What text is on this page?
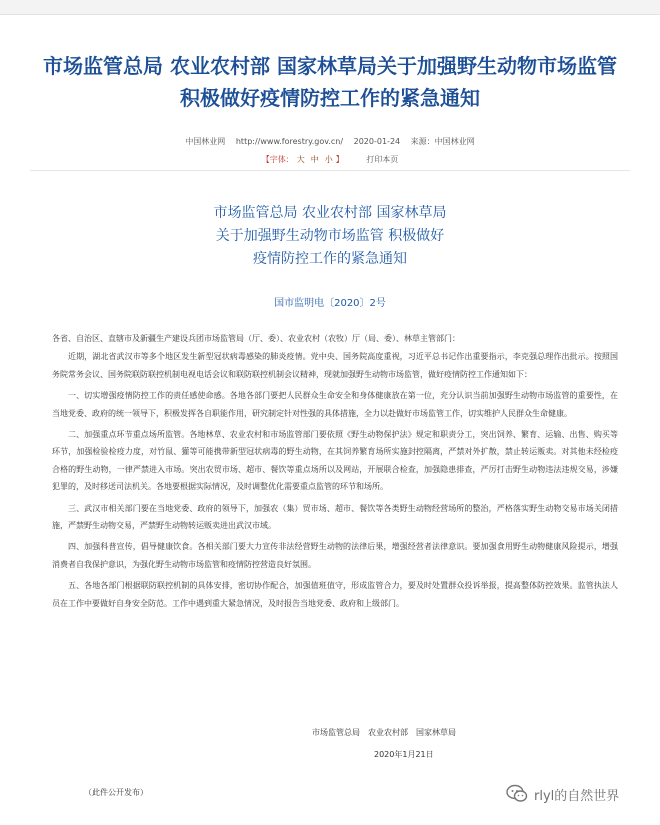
市场监管总局 农业农村部 国家林草局关于加强野生动物市场监管 积极做好疫情防控工作的紧急通知
中国林业网 http://www.forestry.gov.cn/ 2020-01-24 来源：中国林业网
【字体： 大 中 小 】	打印本页
市场监管总局 农业农村部 国家林草局
关于加强野生动物市场监管 积极做好
疫情防控工作的紧急通知
国市监明电〔2020〕2号

各省、自治区、直辖市及新疆生产建设兵团市场监管局（厅、委）、农业农村（农牧）厅（局、委）、林草主管部门：

近期，湖北省武汉市等多个地区发生新型冠状病毒感染的肺炎疫情。党中央、国务院高度重视，习近平总书记作出重要指示，李克强总理作出批示。按照国务院常务会议、国务院联防联控机制电视电话会议和联防联控机制会议精神，现就加强野生动物市场监管，做好疫情防控工作通知如下：

一、切实增强疫情防控工作的责任感使命感。各地各部门要把人民群众生命安全和身体健康放在第一位，充分认识当前加强野生动物市场监管的重要性，在当地党委、政府的统一领导下，积极发挥各自职能作用，研究制定针对性强的具体措施，全力以赴做好市场监管工作，切实维护人民群众生命健康。

二、加强重点环节重点场所监管。各地林草、农业农村和市场监管部门要依照《野生动物保护法》规定和职责分工，突出饲养、繁育、运输、出售、购买等环节，加强检验检疫力度，对竹鼠、獾等可能携带新型冠状病毒的野生动物，在其饲养繁育场所实施封控隔离，严禁对外扩散，禁止转运贩卖。对其他未经检疫合格的野生动物，一律严禁进入市场。突出农贸市场、超市、餐饮等重点场所以及网站，开展联合检查，加强隐患排查，严厉打击野生动物违法违规交易，涉嫌犯罪的，及时移送司法机关。各地要根据实际情况，及时调整优化需要重点监管的环节和场所。

三、武汉市相关部门要在当地党委、政府的领导下，加强农（集）贸市场、超市、餐饮等各类野生动物经营场所的整治，严格落实野生动物交易市场关闭措施，严禁野生动物交易，严禁野生动物转运贩卖进出武汉市域。

四、加强科普宣传，倡导健康饮食。各相关部门要大力宣传非法经营野生动物的法律后果，增强经营者法律意识。要加强食用野生动物健康风险提示，增强消费者自我保护意识，为强化野生动物市场监管和疫情防控营造良好氛围。

五、各地各部门根据联防联控机制的具体安排，密切协作配合，加强值班值守，形成监管合力，要及时处置群众投诉举报，提高整体防控效果。监管执法人员在工作中要做好自身安全防范。工作中遇到重大紧急情况，及时报告当地党委、政府和上级部门。

市场监管总局　农业农村部　国家林草局
2020年1月21日
（此件公开发布）	rlyl的自然世界
